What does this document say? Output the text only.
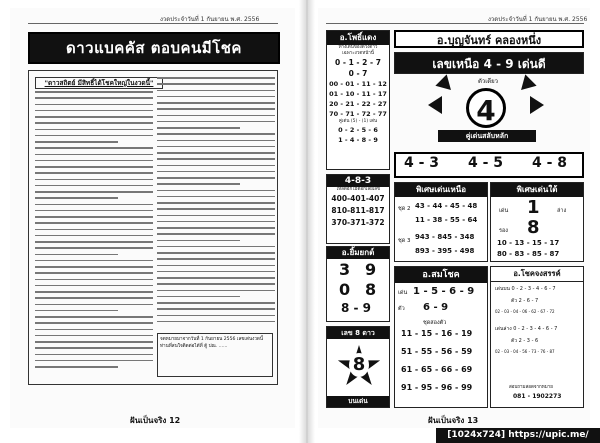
งวดประจำวันที่ 1 กันยายน พ.ศ. 2556
ดาวแบคคัส ตอบคนมีโชค
"ดาวสถิตย์ มีสิทธิ์ได้โชคใหญ่ในงวดนี้"
จดหมายมาจากวันที่ 1 กันยายน 2556 เลขเด่นงวดนี้ ท่านที่สนใจติดต่อได้ที่ ตู้ ปณ. ......
ฝันเป็นจริง 12
งวดประจำวันที่ 1 กันยายน พ.ศ. 2556
อ.โพธิ์แดง
ทางเดินของดวงดาว
เฉพาะงวดหน้านี้
0 - 1 - 2 - 7
0 - 7
00 - 01 - 11 - 12
01 - 10 - 11 - 17
20 - 21 - 22 - 27
70 - 71 - 72 - 77
คู่เด่น (5) - (1) เด่น
0 - 2 - 5 - 6
1 - 4 - 8 - 9
4-8-3
ไหลดอกไม้ดอกเลยเลข
400-401-407
810-811-817
370-371-372
อ.ยิ้มยกต์
3 9
0 8
8 - 9
เลข 8 ดาว
8
บนเด่น
อ.บุญจันทร์ คลองหนึ่ง
เลขเหนือ 4 - 9 เด่นดี
ตัวเดียว
4
คู่เด่นสลับหลัก
4 - 3 4 - 5 4 - 8
พิเศษเด่นเหนือ
ชุด 2 43 - 44 - 45 - 48
11 - 38 - 55 - 64
ชุด 3 943 - 845 - 348
893 - 395 - 498
พิเศษเด่นใต้
เด่น 1	ล่าง
รอง 8
10 - 13 - 15 - 17
80 - 83 - 85 - 87
อ.สมโชค
เด่น 1 - 5 - 6 - 9
ตัว 6 - 9
ชุดสองตัว
11 - 15 - 16 - 19
51 - 55 - 56 - 59
61 - 65 - 66 - 69
91 - 95 - 96 - 99
อ.โชคจงสรรค์
เด่นบน 0 - 2 - 3 - 4 - 6 - 7
ตัว 2 - 6 - 7
02 - 03 - 04 - 06 - 62 - 67 - 72
เด่นล่าง 0 - 2 - 3 - 4 - 6 - 7
ตัว 2 - 3 - 6
02 - 03 - 04 - 56 - 73 - 76 - 87
สอบถามสอดจากหมาย
081 - 1902273
ฝันเป็นจริง 13
[1024x724] https://upic.me/
